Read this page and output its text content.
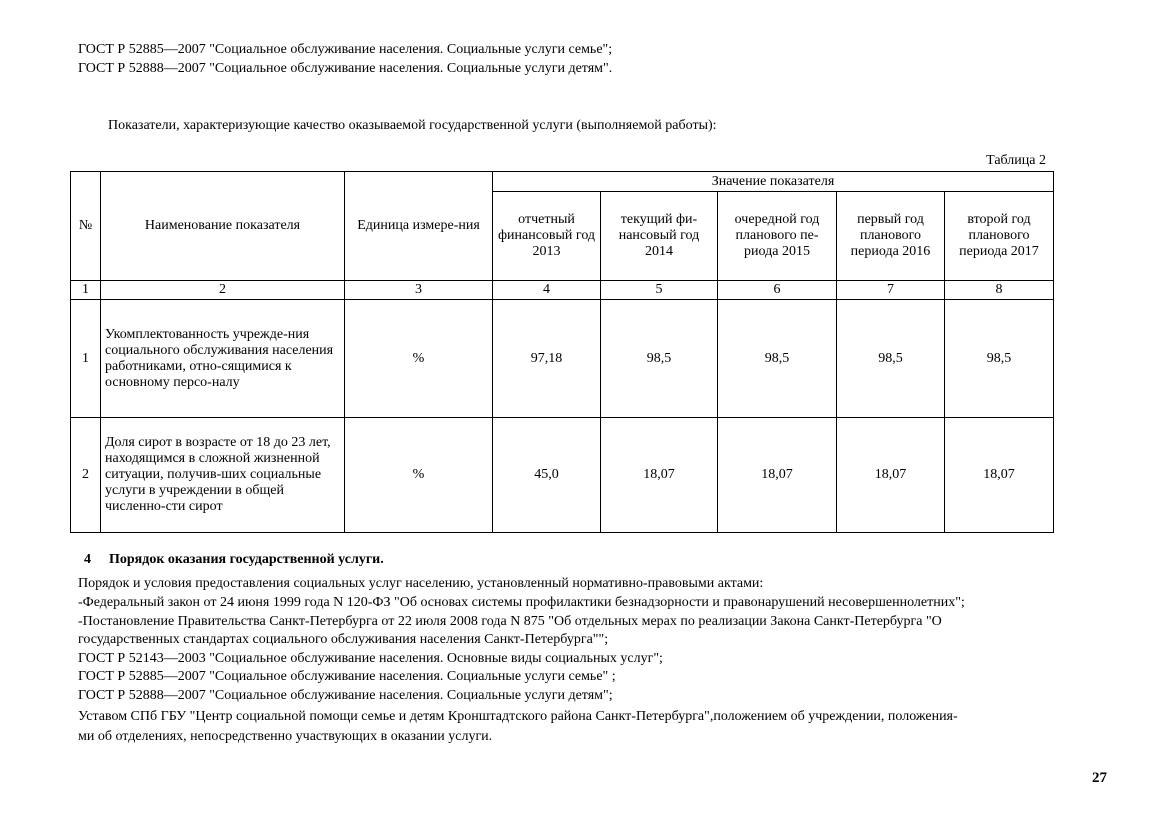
ГОСТ Р 52885—2007 "Социальное обслуживание населения. Социальные услуги семье";
ГОСТ Р 52888—2007 "Социальное обслуживание населения. Социальные услуги детям".
Показатели, характеризующие качество оказываемой государственной услуги (выполняемой работы):
Таблица 2
№	Наименование показателя	Единица измере-ния	Значение показателя				
			отчетный финансовый год 2013	текущий фи-нансовый год 2014	очередной год планового пе-риода 2015	первый год планового периода 2016	второй год планового периода 2017
1	2	3	4	5	6	7	8
1	Укомплектованность учрежде-ния социального обслуживания населения работниками, отно-сящимися к основному персо-налу	%	97,18	98,5	98,5	98,5	98,5
2	Доля сирот в возрасте от 18 до 23 лет, находящимся в сложной жизненной ситуации, получив-ших социальные услуги в учреждении в общей численно-сти сирот	%	45,0	18,07	18,07	18,07	18,07
4 Порядок оказания государственной услуги.
Порядок и условия предоставления социальных услуг населению, установленный нормативно-правовыми актами:
-Федеральный закон от 24 июня 1999 года N 120-ФЗ "Об основах системы профилактики безнадзорности и правонарушений несовершеннолетних";
-Постановление Правительства Санкт-Петербурга от 22 июля 2008 года N 875 "Об отдельных мерах по реализации Закона Санкт-Петербурга "О
государственных стандартах социального обслуживания населения Санкт-Петербурга"";
ГОСТ Р 52143—2003 "Социальное обслуживание населения. Основные виды социальных услуг";
ГОСТ Р 52885—2007 "Социальное обслуживание населения. Социальные услуги семье" ;
ГОСТ Р 52888—2007 "Социальное обслуживание населения. Социальные услуги детям";
Уставом СПб ГБУ "Центр социальной помощи семье и детям Кронштадтского района Санкт-Петербурга",положением об учреждении, положения-
ми об отделениях, непосредственно участвующих в оказании услуги.
27
